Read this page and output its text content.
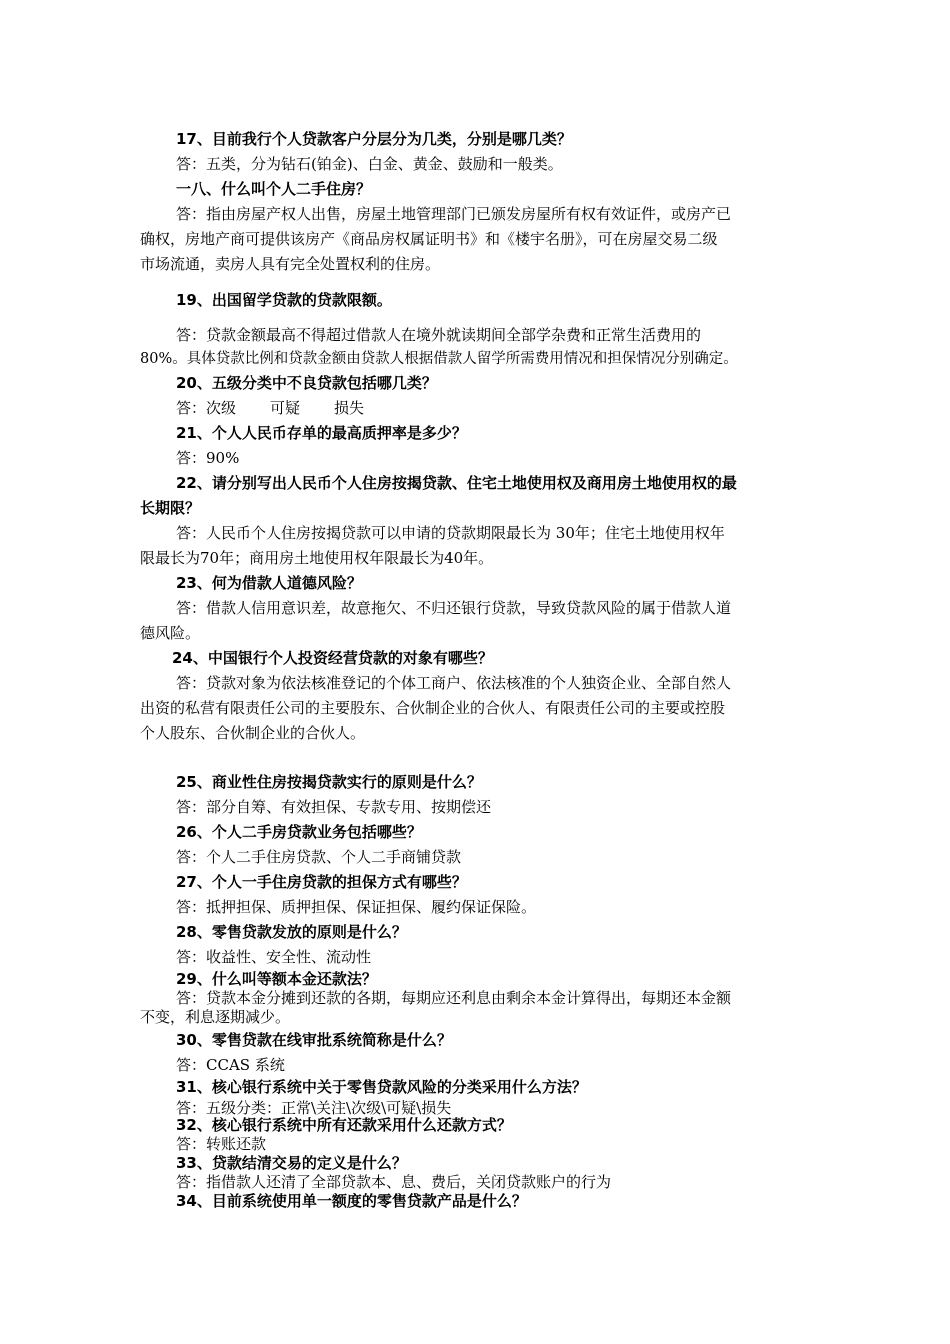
17、目前我行个人贷款客户分层分为几类，分别是哪几类？
答：五类，分为钻石(铂金)、白金、黄金、鼓励和一般类。
一八、什么叫个人二手住房？
答：指由房屋产权人出售，房屋土地管理部门已颁发房屋所有权有效证件，或房产已
确权，房地产商可提供该房产《商品房权属证明书》和《楼宇名册》，可在房屋交易二级
市场流通，卖房人具有完全处置权利的住房。
19、出国留学贷款的贷款限额。
答：贷款金额最高不得超过借款人在境外就读期间全部学杂费和正常生活费用的
80%。具体贷款比例和贷款金额由贷款人根据借款人留学所需费用情况和担保情况分别确定。
20、五级分类中不良贷款包括哪几类？
答：次级 可疑 损失
21、个人人民币存单的最高质押率是多少？
答：90%
22、请分别写出人民币个人住房按揭贷款、住宅土地使用权及商用房土地使用权的最
长期限？
答：人民币个人住房按揭贷款可以申请的贷款期限最长为 30年；住宅土地使用权年
限最长为70年；商用房土地使用权年限最长为40年。
23、何为借款人道德风险？
答：借款人信用意识差，故意拖欠、不归还银行贷款，导致贷款风险的属于借款人道
德风险。
24、中国银行个人投资经营贷款的对象有哪些？
答：贷款对象为依法核准登记的个体工商户、依法核准的个人独资企业、全部自然人
出资的私营有限责任公司的主要股东、合伙制企业的合伙人、有限责任公司的主要或控股
个人股东、合伙制企业的合伙人。
25、商业性住房按揭贷款实行的原则是什么？
答：部分自筹、有效担保、专款专用、按期偿还
26、个人二手房贷款业务包括哪些？
答：个人二手住房贷款、个人二手商铺贷款
27、个人一手住房贷款的担保方式有哪些？
答：抵押担保、质押担保、保证担保、履约保证保险。
28、零售贷款发放的原则是什么？
答：收益性、安全性、流动性
29、什么叫等额本金还款法？
答：贷款本金分摊到还款的各期，每期应还利息由剩余本金计算得出，每期还本金额
不变，利息逐期减少。
30、零售贷款在线审批系统简称是什么？
答：CCAS 系统
31、核心银行系统中关于零售贷款风险的分类采用什么方法？
答：五级分类：正常\关注\次级\可疑\损失
32、核心银行系统中所有还款采用什么还款方式？
答：转账还款
33、贷款结清交易的定义是什么？
答：指借款人还清了全部贷款本、息、费后，关闭贷款账户的行为
34、目前系统使用单一额度的零售贷款产品是什么？
